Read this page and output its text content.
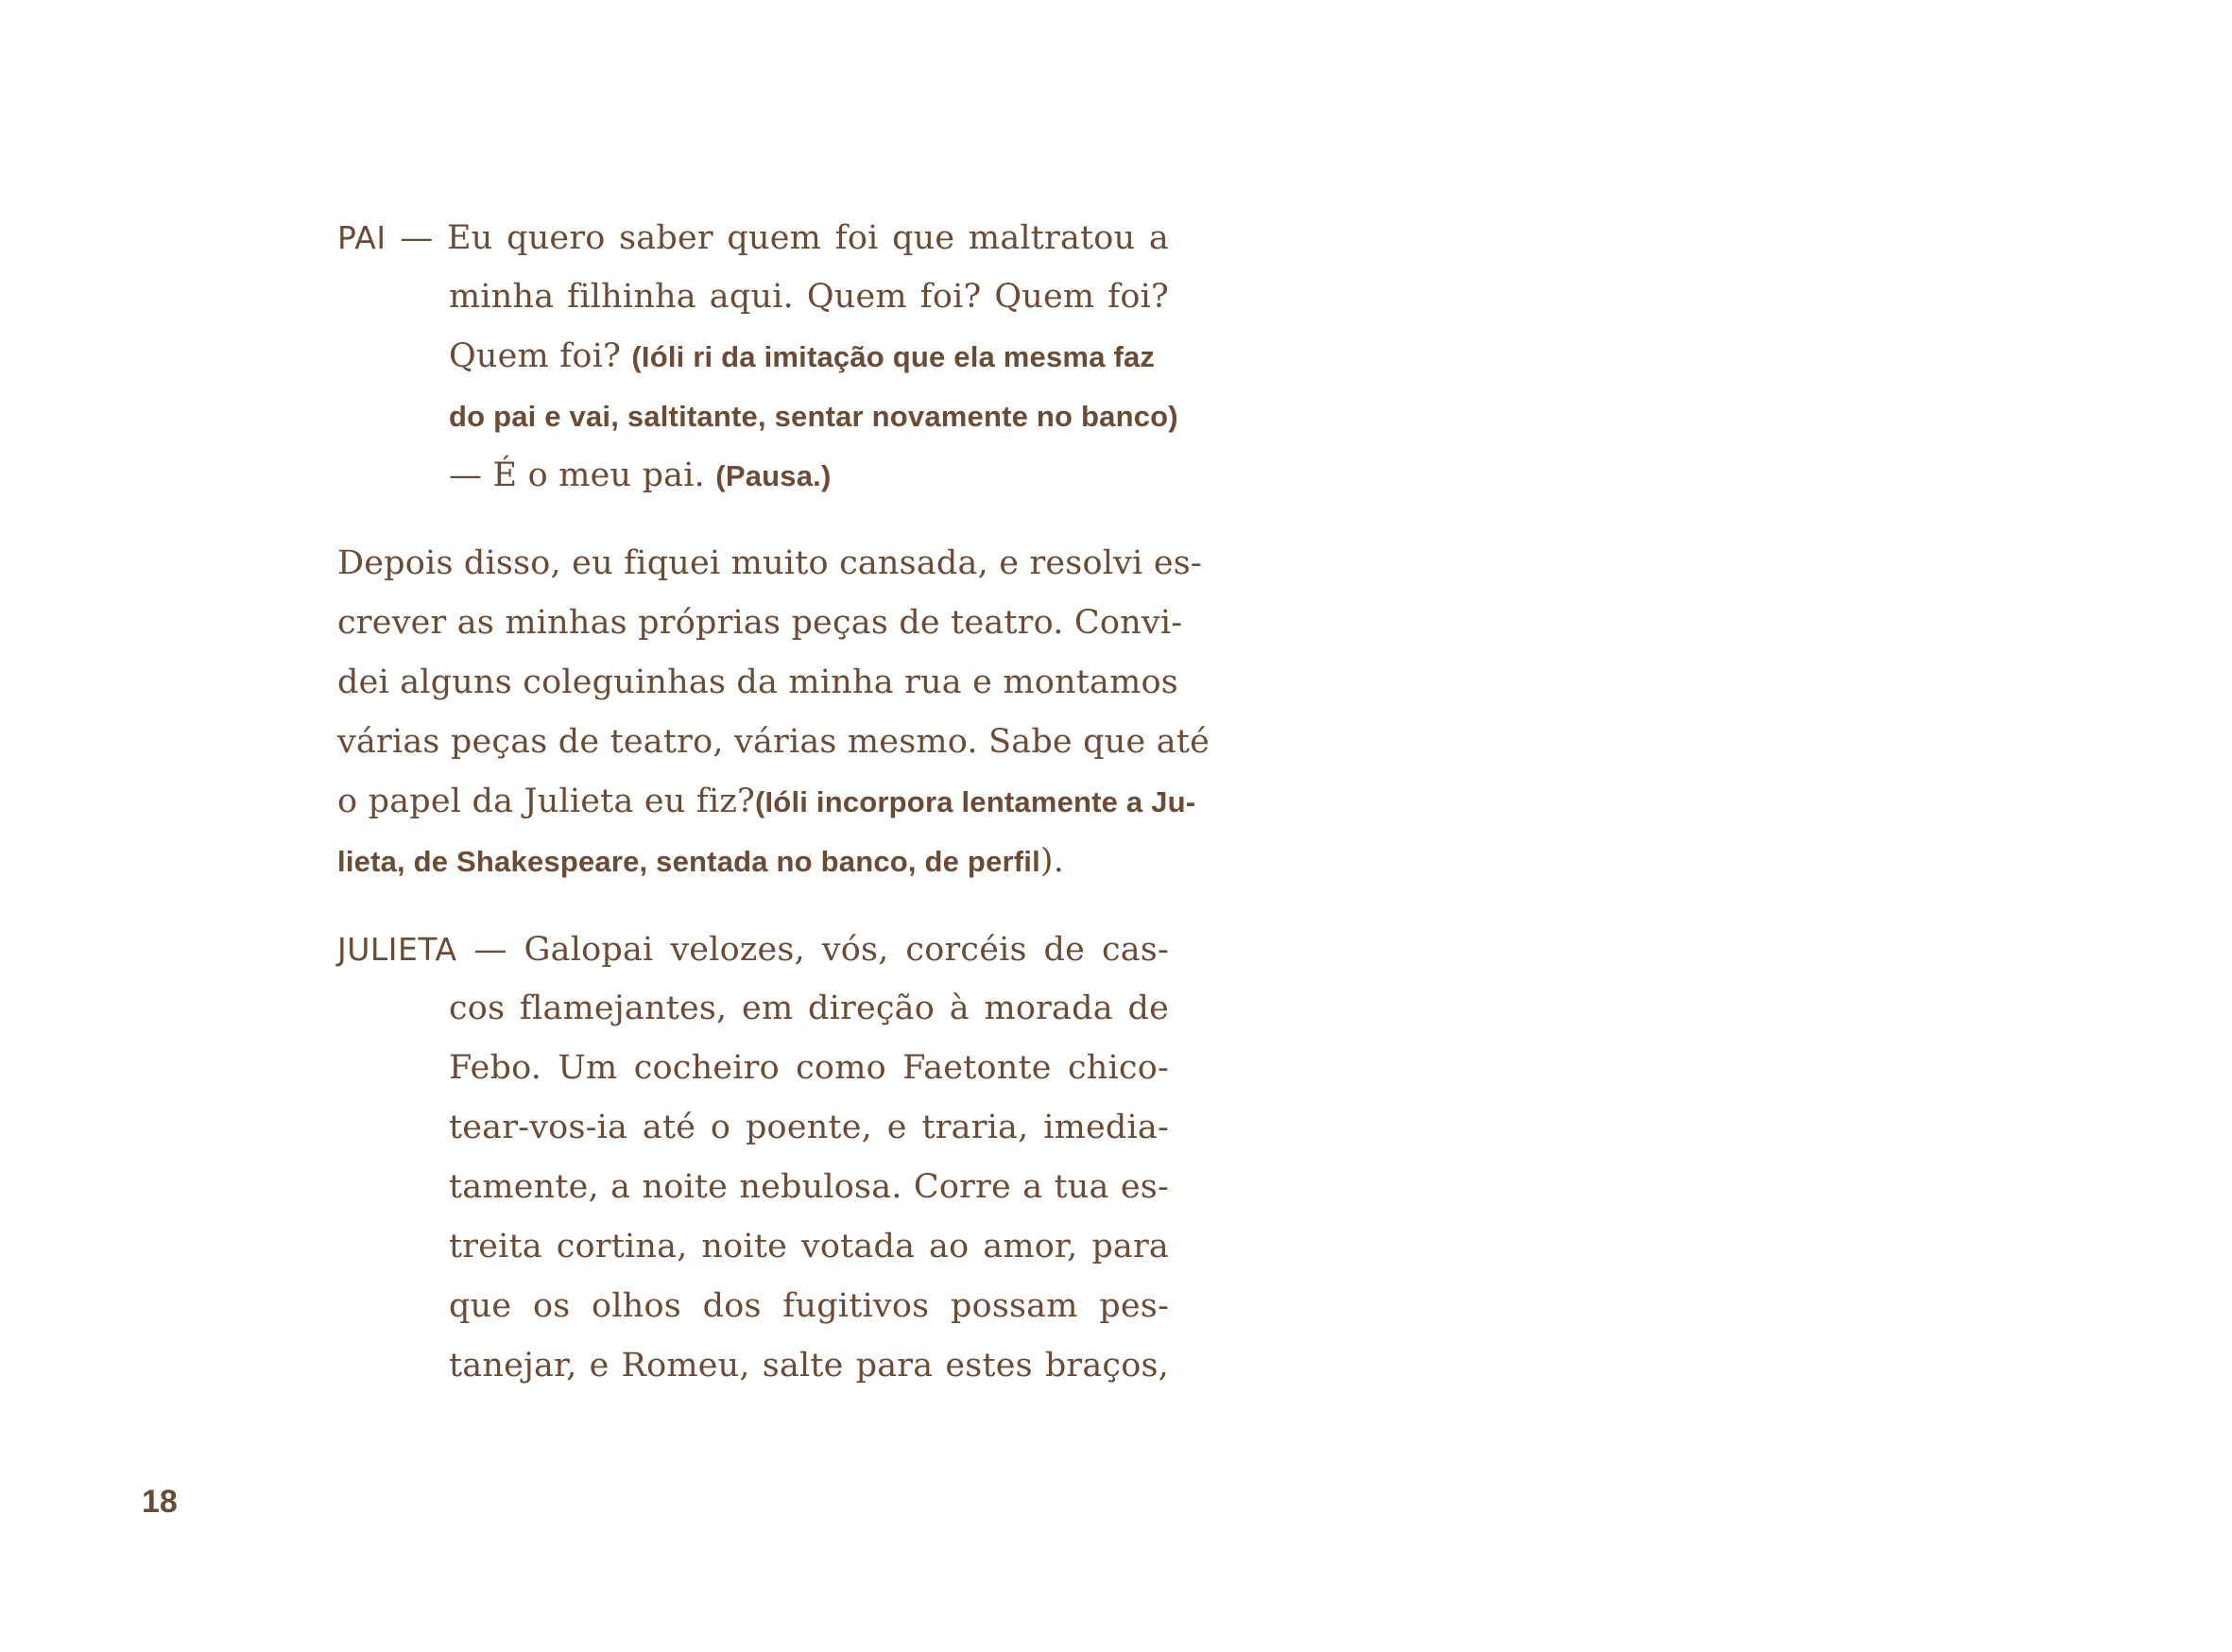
PAI — Eu quero saber quem foi que maltratou a
minha filhinha aqui. Quem foi? Quem foi?
Quem foi? (Ióli ri da imitação que ela mesma faz
do pai e vai, saltitante, sentar novamente no banco)
— É o meu pai. (Pausa.)
Depois disso, eu fiquei muito cansada, e resolvi es-
crever as minhas próprias peças de teatro. Convi-
dei alguns coleguinhas da minha rua e montamos
várias peças de teatro, várias mesmo. Sabe que até
o papel da Julieta eu fiz?(Ióli incorpora lentamente a Ju-
lieta, de Shakespeare, sentada no banco, de perfil).
JULIETA — Galopai velozes, vós, corcéis de cas-
cos flamejantes, em direção à morada de
Febo. Um cocheiro como Faetonte chico-
tear-vos-ia até o poente, e traria, imedia-
tamente, a noite nebulosa. Corre a tua es-
treita cortina, noite votada ao amor, para
que os olhos dos fugitivos possam pes-
tanejar, e Romeu, salte para estes braços,
18
